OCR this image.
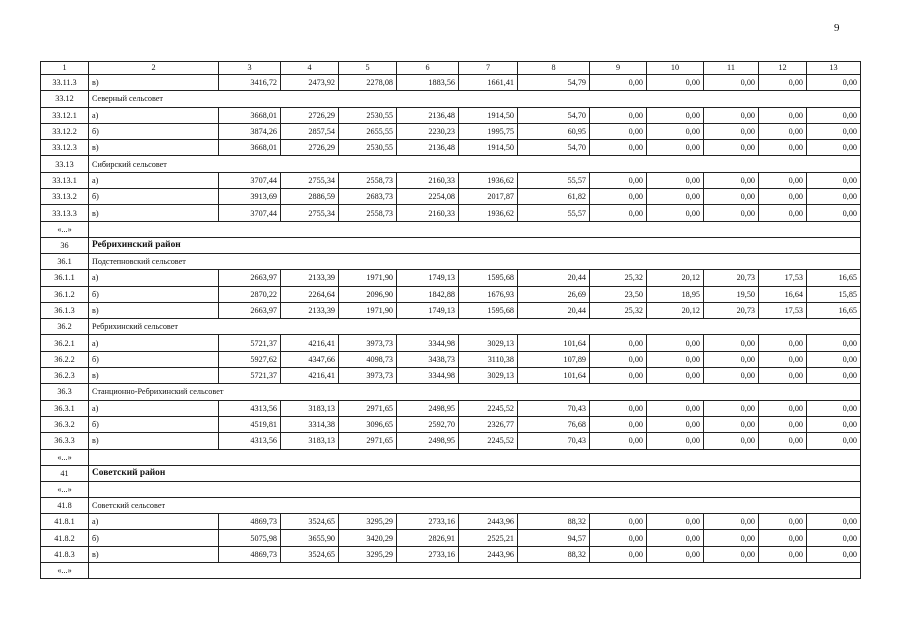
9
1	2	3	4	5	6	7	8	9	10	11	12	13
33.11.3	в)	3416,72	2473,92	2278,08	1883,56	1661,41	54,79	0,00	0,00	0,00	0,00	0,00
33.12	Северный сельсовет											
33.12.1	а)	3668,01	2726,29	2530,55	2136,48	1914,50	54,70	0,00	0,00	0,00	0,00	0,00
33.12.2	б)	3874,26	2857,54	2655,55	2230,23	1995,75	60,95	0,00	0,00	0,00	0,00	0,00
33.12.3	в)	3668,01	2726,29	2530,55	2136,48	1914,50	54,70	0,00	0,00	0,00	0,00	0,00
33.13	Сибирский сельсовет											
33.13.1	а)	3707,44	2755,34	2558,73	2160,33	1936,62	55,57	0,00	0,00	0,00	0,00	0,00
33.13.2	б)	3913,69	2886,59	2683,73	2254,08	2017,87	61,82	0,00	0,00	0,00	0,00	0,00
33.13.3	в)	3707,44	2755,34	2558,73	2160,33	1936,62	55,57	0,00	0,00	0,00	0,00	0,00
«...»												
36	Ребрихинский район											
36.1	Подстепновский сельсовет											
36.1.1	а)	2663,97	2133,39	1971,90	1749,13	1595,68	20,44	25,32	20,12	20,73	17,53	16,65
36.1.2	б)	2870,22	2264,64	2096,90	1842,88	1676,93	26,69	23,50	18,95	19,50	16,64	15,85
36.1.3	в)	2663,97	2133,39	1971,90	1749,13	1595,68	20,44	25,32	20,12	20,73	17,53	16,65
36.2	Ребрихинский сельсовет											
36.2.1	а)	5721,37	4216,41	3973,73	3344,98	3029,13	101,64	0,00	0,00	0,00	0,00	0,00
36.2.2	б)	5927,62	4347,66	4098,73	3438,73	3110,38	107,89	0,00	0,00	0,00	0,00	0,00
36.2.3	в)	5721,37	4216,41	3973,73	3344,98	3029,13	101,64	0,00	0,00	0,00	0,00	0,00
36.3	Станционно-Ребрихинский сельсовет											
36.3.1	а)	4313,56	3183,13	2971,65	2498,95	2245,52	70,43	0,00	0,00	0,00	0,00	0,00
36.3.2	б)	4519,81	3314,38	3096,65	2592,70	2326,77	76,68	0,00	0,00	0,00	0,00	0,00
36.3.3	в)	4313,56	3183,13	2971,65	2498,95	2245,52	70,43	0,00	0,00	0,00	0,00	0,00
«...»												
41	Советский район											
«...»												
41.8	Советский сельсовет											
41.8.1	а)	4869,73	3524,65	3295,29	2733,16	2443,96	88,32	0,00	0,00	0,00	0,00	0,00
41.8.2	б)	5075,98	3655,90	3420,29	2826,91	2525,21	94,57	0,00	0,00	0,00	0,00	0,00
41.8.3	в)	4869,73	3524,65	3295,29	2733,16	2443,96	88,32	0,00	0,00	0,00	0,00	0,00
«...»												
